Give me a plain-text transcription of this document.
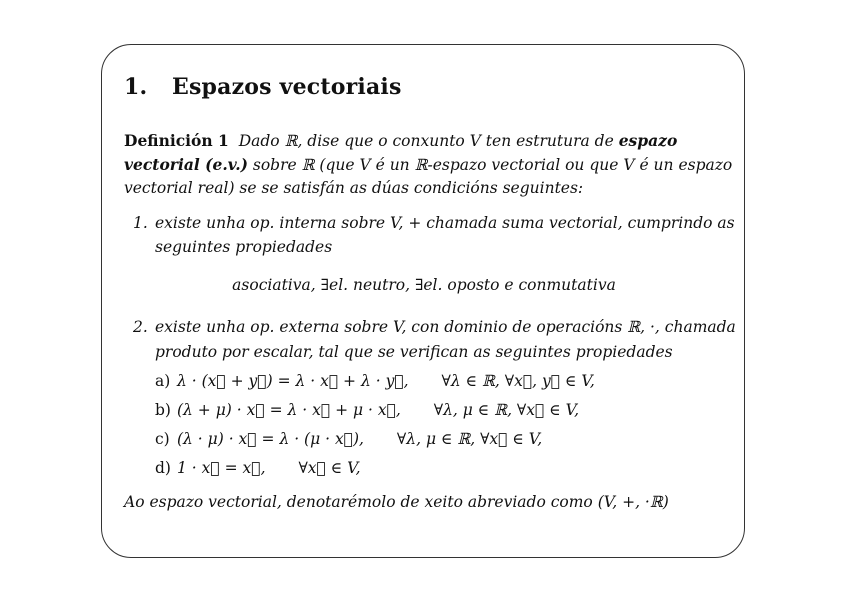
1. Espazos vectoriais
Definición 1 Dado ℝ, dise que o conxunto V ten estrutura de espazo
vectorial (e.v.) sobre ℝ (que V é un ℝ-espazo vectorial ou que V é un espazo
vectorial real) se se satisfán as dúas condicións seguintes:
1. existe unha op. interna sobre V, + chamada suma vectorial, cumprindo as
seguintes propiedades
asociativa, ∃el. neutro, ∃el. oposto e conmutativa
2. existe unha op. externa sobre V, con dominio de operacións ℝ, ·, chamada
produto por escalar, tal que se verifican as seguintes propiedades
a) λ · (x⃗ + y⃗) = λ · x⃗ + λ · y⃗, ∀λ ∈ ℝ, ∀x⃗, y⃗ ∈ V,
b) (λ + μ) · x⃗ = λ · x⃗ + μ · x⃗, ∀λ, μ ∈ ℝ, ∀x⃗ ∈ V,
c) (λ · μ) · x⃗ = λ · (μ · x⃗), ∀λ, μ ∈ ℝ, ∀x⃗ ∈ V,
d) 1 · x⃗ = x⃗, ∀x⃗ ∈ V,
Ao espazo vectorial, denotarémolo de xeito abreviado como (V, +, ·ℝ)
